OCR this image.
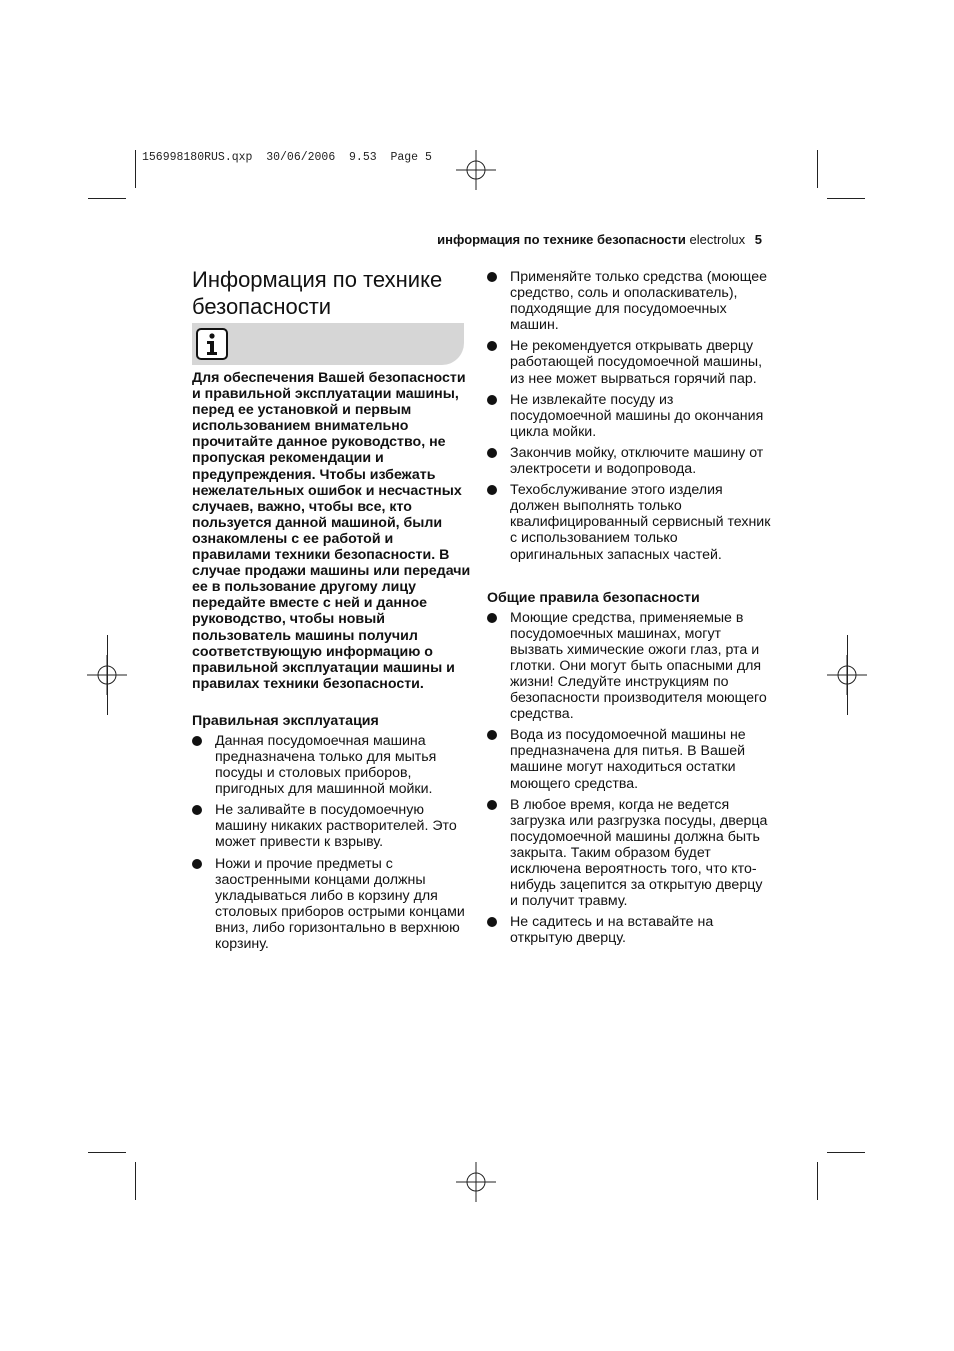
156998180RUS.qxp  30/06/2006  9.53  Page 5
информация по технике безопасности electrolux 5
Информация по технике безопасности

Для обеспечения Вашей безопасности и правильной эксплуатации машины, перед ее установкой и первым использованием внимательно прочитайте данное руководство, не пропуская рекомендации и предупреждения. Чтобы избежать нежелательных ошибок и несчастных случаев, важно, чтобы все, кто пользуется данной машиной, были ознакомлены с ее работой и правилами техники безопасности. В случае продажи машины или передачи ее в пользование другому лицу передайте вместе с ней и данное руководство, чтобы новый пользователь машины получил соответствующую информацию о правильной эксплуатации машины и правилах техники безопасности.

Правильная эксплуатация
Данная посудомоечная машина предназначена только для мытья посуды и столовых приборов, пригодных для машинной мойки.
Не заливайте в посудомоечную машину никаких растворителей. Это может привести к взрыву.
Ножи и прочие предметы с заостренными концами должны укладываться либо в корзину для столовых приборов острыми концами вниз, либо горизонтально в верхнюю корзину.
Применяйте только средства (моющее средство, соль и ополаскиватель), подходящие для посудомоечных машин.
Не рекомендуется открывать дверцу работающей посудомоечной машины, из нее может вырваться горячий пар.
Не извлекайте посуду из посудомоечной машины до окончания цикла мойки.
Закончив мойку, отключите машину от электросети и водопровода.
Техобслуживание этого изделия должен выполнять только квалифицированный сервисный техник с использованием только оригинальных запасных частей.
Общие правила безопасности
Моющие средства, применяемые в посудомоечных машинах, могут вызвать химические ожоги глаз, рта и глотки. Они могут быть опасными для жизни! Следуйте инструкциям по безопасности производителя моющего средства.
Вода из посудомоечной машины не предназначена для питья. В Вашей машине могут находиться остатки моющего средства.
В любое время, когда не ведется загрузка или разгрузка посуды, дверца посудомоечной машины должна быть закрыта. Таким образом будет исключена вероятность того, что кто-нибудь зацепится за открытую дверцу и получит травму.
Не садитесь и на вставайте на открытую дверцу.
